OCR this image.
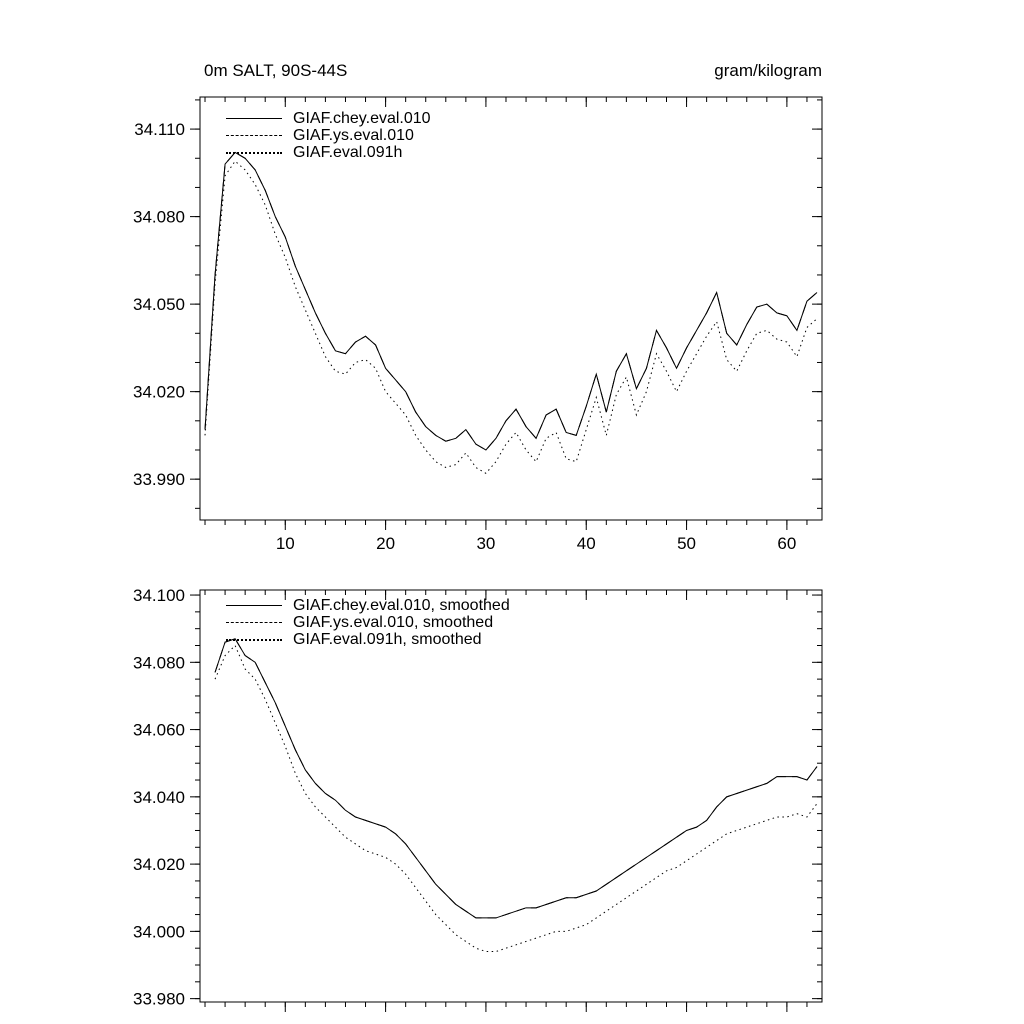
10	20	30	40	50	60
33.990
34.020
34.050
34.080
34.110
33.980
34.000
34.020
34.040
34.060
34.080
34.100
0m SALT, 90S-44S	gram/kilogram
GIAF.chey.eval.010
GIAF.ys.eval.010
GIAF.eval.091h
GIAF.chey.eval.010, smoothed
GIAF.ys.eval.010, smoothed
GIAF.eval.091h, smoothed
